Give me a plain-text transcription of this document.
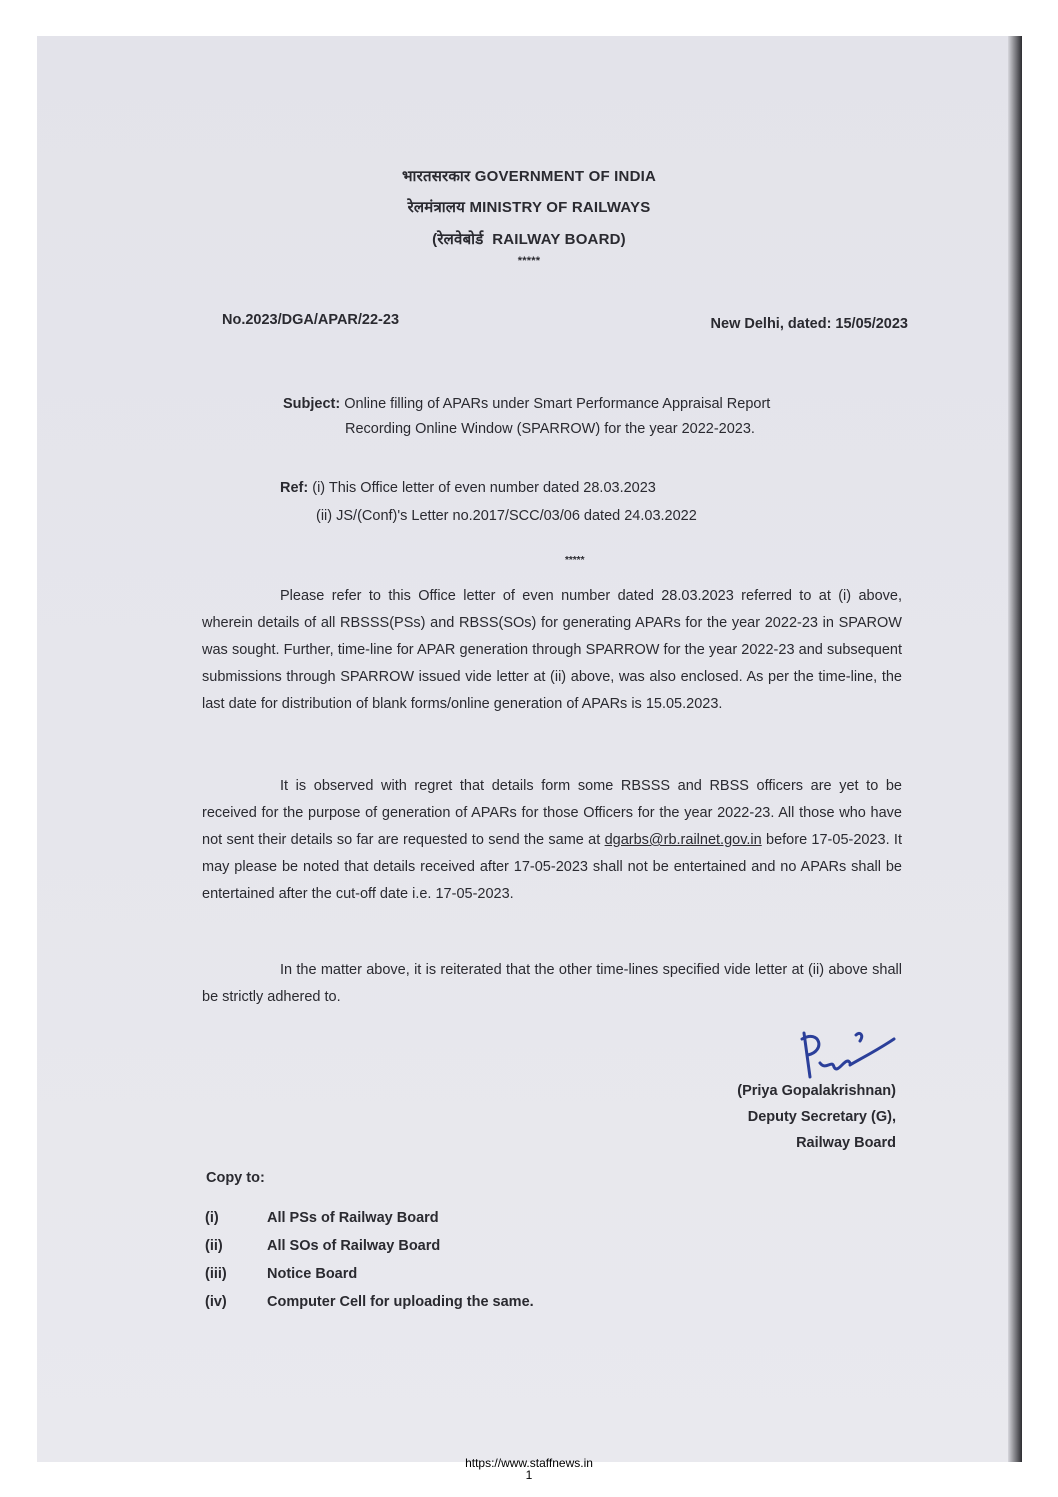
भारतसरकार GOVERNMENT OF INDIA
रेलमंत्रालय MINISTRY OF RAILWAYS
(रेलवेबोर्ड RAILWAY BOARD)
*****
No.2023/DGA/APAR/22-23	New Delhi, dated: 15/05/2023
Subject: Online filling of APARs under Smart Performance Appraisal Report
Recording Online Window (SPARROW) for the year 2022-2023.
Ref: (i) This Office letter of even number dated 28.03.2023
(ii) JS/(Conf)'s Letter no.2017/SCC/03/06 dated 24.03.2022
*****
Please refer to this Office letter of even number dated 28.03.2023 referred to at (i) above, wherein details of all RBSSS(PSs) and RBSS(SOs) for generating APARs for the year 2022-23 in SPAROW was sought. Further, time-line for APAR generation through SPARROW for the year 2022-23 and subsequent submissions through SPARROW issued vide letter at (ii) above, was also enclosed. As per the time-line, the last date for distribution of blank forms/online generation of APARs is 15.05.2023.
It is observed with regret that details form some RBSSS and RBSS officers are yet to be received for the purpose of generation of APARs for those Officers for the year 2022-23. All those who have not sent their details so far are requested to send the same at dgarbs@rb.railnet.gov.in before 17-05-2023. It may please be noted that details received after 17-05-2023 shall not be entertained and no APARs shall be entertained after the cut-off date i.e. 17-05-2023.
In the matter above, it is reiterated that the other time-lines specified vide letter at (ii) above shall be strictly adhered to.
(Priya Gopalakrishnan)
Deputy Secretary (G),
Railway Board
Copy to:
(i)	All PSs of Railway Board
(ii)	All SOs of Railway Board
(iii)	Notice Board
(iv)	Computer Cell for uploading the same.
https://www.staffnews.in
1
